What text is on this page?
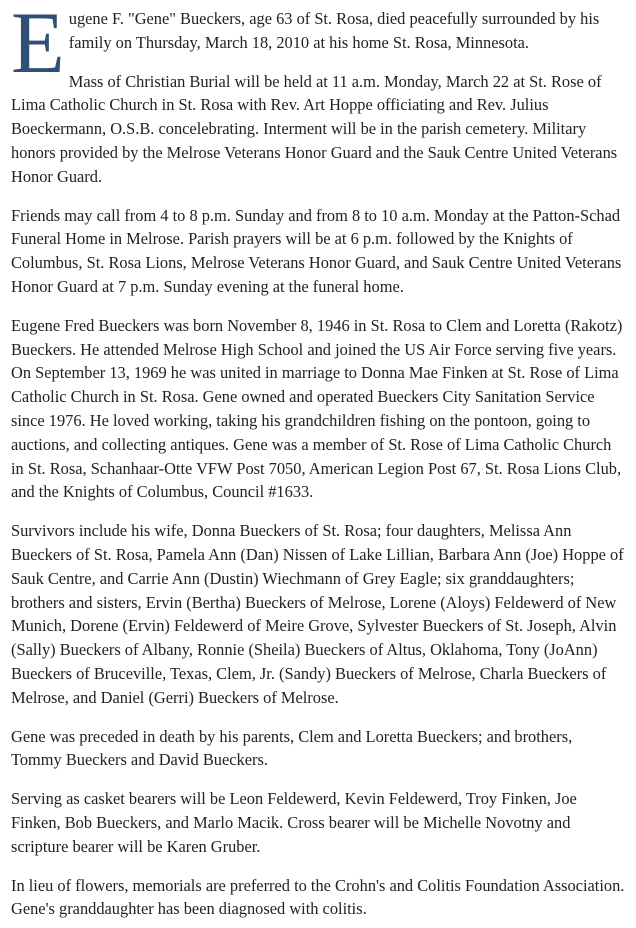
Eugene F. "Gene" Bueckers, age 63 of St. Rosa, died peacefully surrounded by his family on Thursday, March 18, 2010 at his home St. Rosa, Minnesota.

Mass of Christian Burial will be held at 11 a.m. Monday, March 22 at St. Rose of Lima Catholic Church in St. Rosa with Rev. Art Hoppe officiating and Rev. Julius Boeckermann, O.S.B. concelebrating. Interment will be in the parish cemetery. Military honors provided by the Melrose Veterans Honor Guard and the Sauk Centre United Veterans Honor Guard.

Friends may call from 4 to 8 p.m. Sunday and from 8 to 10 a.m. Monday at the Patton-Schad Funeral Home in Melrose. Parish prayers will be at 6 p.m. followed by the Knights of Columbus, St. Rosa Lions, Melrose Veterans Honor Guard, and Sauk Centre United Veterans Honor Guard at 7 p.m. Sunday evening at the funeral home.

Eugene Fred Bueckers was born November 8, 1946 in St. Rosa to Clem and Loretta (Rakotz) Bueckers. He attended Melrose High School and joined the US Air Force serving five years. On September 13, 1969 he was united in marriage to Donna Mae Finken at St. Rose of Lima Catholic Church in St. Rosa. Gene owned and operated Bueckers City Sanitation Service since 1976. He loved working, taking his grandchildren fishing on the pontoon, going to auctions, and collecting antiques. Gene was a member of St. Rose of Lima Catholic Church in St. Rosa, Schanhaar-Otte VFW Post 7050, American Legion Post 67, St. Rosa Lions Club, and the Knights of Columbus, Council #1633.

Survivors include his wife, Donna Bueckers of St. Rosa; four daughters, Melissa Ann Bueckers of St. Rosa, Pamela Ann (Dan) Nissen of Lake Lillian, Barbara Ann (Joe) Hoppe of Sauk Centre, and Carrie Ann (Dustin) Wiechmann of Grey Eagle; six granddaughters; brothers and sisters, Ervin (Bertha) Bueckers of Melrose, Lorene (Aloys) Feldewerd of New Munich, Dorene (Ervin) Feldewerd of Meire Grove, Sylvester Bueckers of St. Joseph, Alvin (Sally) Bueckers of Albany, Ronnie (Sheila) Bueckers of Altus, Oklahoma, Tony (JoAnn) Bueckers of Bruceville, Texas, Clem, Jr. (Sandy) Bueckers of Melrose, Charla Bueckers of Melrose, and Daniel (Gerri) Bueckers of Melrose.

Gene was preceded in death by his parents, Clem and Loretta Bueckers; and brothers, Tommy Bueckers and David Bueckers.

Serving as casket bearers will be Leon Feldewerd, Kevin Feldewerd, Troy Finken, Joe Finken, Bob Bueckers, and Marlo Macik. Cross bearer will be Michelle Novotny and scripture bearer will be Karen Gruber.

In lieu of flowers, memorials are preferred to the Crohn's and Colitis Foundation Association. Gene's granddaughter has been diagnosed with colitis.
